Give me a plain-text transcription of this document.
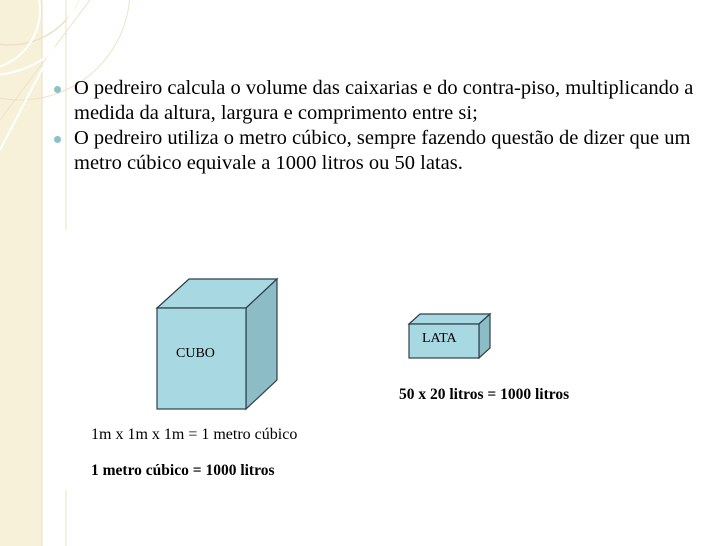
O pedreiro calcula o volume das caixarias e do contra-piso, multiplicando a medida da altura, largura e comprimento entre si;
O pedreiro utiliza o metro cúbico, sempre fazendo questão de dizer que um metro cúbico equivale a 1000 litros ou 50 latas.
CUBO
LATA
50 x 20 litros = 1000 litros
1m x 1m x 1m = 1 metro cúbico
1 metro cúbico = 1000 litros
